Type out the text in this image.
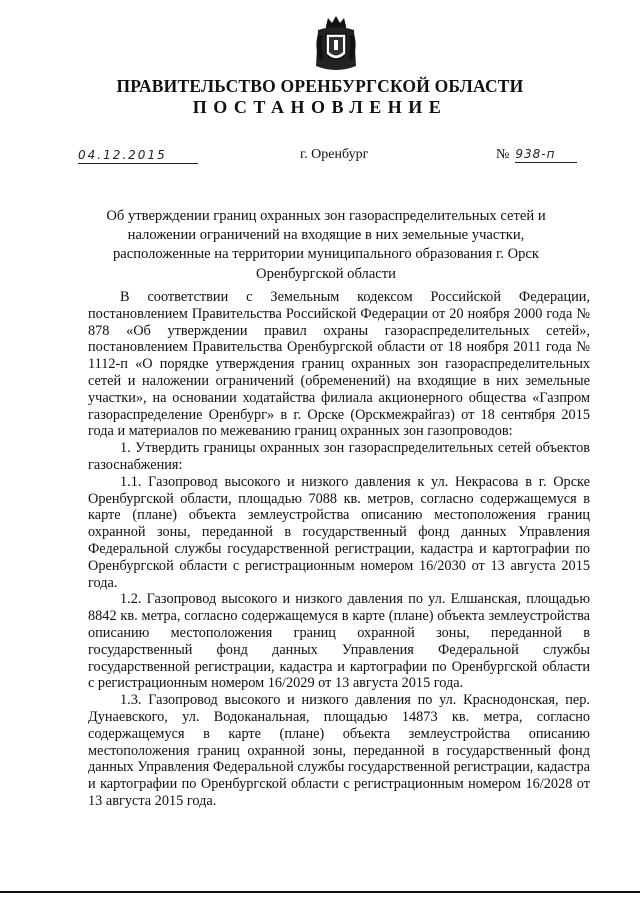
ПРАВИТЕЛЬСТВО ОРЕНБУРГСКОЙ ОБЛАСТИ
ПОСТАНОВЛЕНИЕ
04.12.2015	г. Оренбург	№ 938-п
Об утверждении границ охранных зон газораспределительных сетей и наложении ограничений на входящие в них земельные участки, расположенные на территории муниципального образования г. Орск Оренбургской области

В соответствии с Земельным кодексом Российской Федерации, постановлением Правительства Российской Федерации от 20 ноября 2000 года № 878 «Об утверждении правил охраны газораспределительных сетей», постановлением Правительства Оренбургской области от 18 ноября 2011 года № 1112-п «О порядке утверждения границ охранных зон газораспределительных сетей и наложении ограничений (обременений) на входящие в них земельные участки», на основании ходатайства филиала акционерного общества «Газпром газораспределение Оренбург» в г. Орске (Орскмежрайгаз) от 18 сентября 2015 года и материалов по межеванию границ охранных зон газопроводов:

1. Утвердить границы охранных зон газораспределительных сетей объектов газоснабжения:

1.1. Газопровод высокого и низкого давления к ул. Некрасова в г. Орске Оренбургской области, площадью 7088 кв. метров, согласно содержащемуся в карте (плане) объекта землеустройства описанию местоположения границ охранной зоны, переданной в государственный фонд данных Управления Федеральной службы государственной регистрации, кадастра и картографии по Оренбургской области с регистрационным номером 16/2030 от 13 августа 2015 года.

1.2. Газопровод высокого и низкого давления по ул. Елшанская, площадью 8842 кв. метра, согласно содержащемуся в карте (плане) объекта землеустройства описанию местоположения границ охранной зоны, переданной в государственный фонд данных Управления Федеральной службы государственной регистрации, кадастра и картографии по Оренбургской области с регистрационным номером 16/2029 от 13 августа 2015 года.

1.3. Газопровод высокого и низкого давления по ул. Краснодонская, пер. Дунаевского, ул. Водоканальная, площадью 14873 кв. метра, согласно содержащемуся в карте (плане) объекта землеустройства описанию местоположения границ охранной зоны, переданной в государственный фонд данных Управления Федеральной службы государственной регистрации, кадастра и картографии по Оренбургской области с регистрационным номером 16/2028 от 13 августа 2015 года.
